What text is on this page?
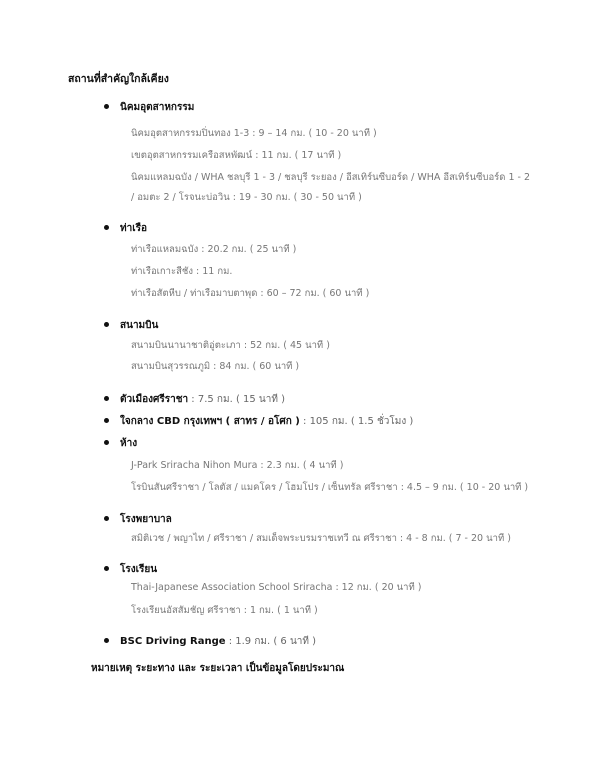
สถานที่สำคัญใกล้เคียง
นิคมอุตสาหกรรม
นิคมอุตสาหกรรมปิ่นทอง 1-3 : 9 – 14 กม. ( 10 - 20 นาที )
เขตอุตสาหกรรมเครือสหพัฒน์ : 11 กม. ( 17 นาที )
นิคมแหลมฉบัง / WHA ชลบุรี 1 - 3 / ชลบุรี ระยอง / อีสเทิร์นซีบอร์ด / WHA อีสเทิร์นซีบอร์ด 1 - 2
/ อมตะ 2 / โรจนะบ่อวิน : 19 - 30 กม. ( 30 - 50 นาที )
ท่าเรือ
ท่าเรือแหลมฉบัง : 20.2 กม. ( 25 นาที )
ท่าเรือเกาะสีชัง : 11 กม.
ท่าเรือสัตหีบ / ท่าเรือมาบตาพุด : 60 – 72 กม. ( 60 นาที )
สนามบิน
สนามบินนานาชาติอู่ตะเภา : 52 กม. ( 45 นาที )
สนามบินสุวรรณภูมิ : 84 กม. ( 60 นาที )
ตัวเมืองศรีราชา : 7.5 กม. ( 15 นาที )
ใจกลาง CBD กรุงเทพฯ ( สาทร / อโศก ) : 105 กม. ( 1.5 ชั่วโมง )
ห้าง
J-Park Sriracha Nihon Mura : 2.3 กม. ( 4 นาที )
โรบินสันศรีราชา / โลตัส / แมคโคร / โฮมโปร / เซ็นทรัล ศรีราชา : 4.5 – 9 กม. ( 10 - 20 นาที )
โรงพยาบาล
สมิติเวช / พญาไท / ศรีราชา / สมเด็จพระบรมราชเทวี ณ ศรีราชา : 4 - 8 กม. ( 7 - 20 นาที )
โรงเรียน
Thai-Japanese Association School Sriracha : 12 กม. ( 20 นาที )
โรงเรียนอัสสัมชัญ ศรีราชา : 1 กม. ( 1 นาที )
BSC Driving Range : 1.9 กม. ( 6 นาที )
หมายเหตุ ระยะทาง และ ระยะเวลา เป็นข้อมูลโดยประมาณ
